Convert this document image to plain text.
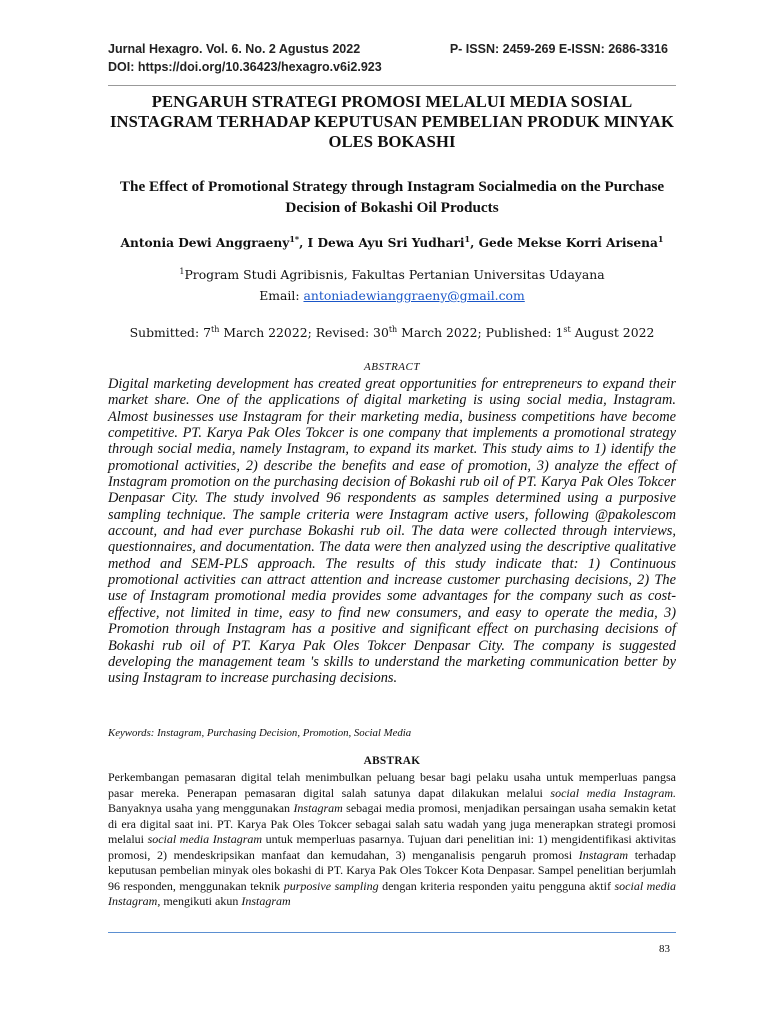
Jurnal Hexagro. Vol. 6. No. 2 Agustus 2022	P- ISSN: 2459-269 E-ISSN: 2686-3316
DOI: https://doi.org/10.36423/hexagro.v6i2.923
PENGARUH STRATEGI PROMOSI MELALUI MEDIA SOSIAL INSTAGRAM TERHADAP KEPUTUSAN PEMBELIAN PRODUK MINYAK OLES BOKASHI
The Effect of Promotional Strategy through Instagram Socialmedia on the Purchase Decision of Bokashi Oil Products
Antonia Dewi Anggraeny$^{1*}$, I Dewa Ayu Sri Yudhari$^1$, Gede Mekse Korri Arisena$^1$
$^1$Program Studi Agribisnis, Fakultas Pertanian Universitas Udayana
Email: antoniadewianggraeny@gmail.com
Submitted: 7th March 22022; Revised: 30th March 2022; Published: 1st August 2022
ABSTRACT
Digital marketing development has created great opportunities for entrepreneurs to expand their market share. One of the applications of digital marketing is using social media, Instagram. Almost businesses use Instagram for their marketing media, business competitions have become competitive. PT. Karya Pak Oles Tokcer is one company that implements a promotional strategy through social media, namely Instagram, to expand its market. This study aims to 1) identify the promotional activities, 2) describe the benefits and ease of promotion, 3) analyze the effect of Instagram promotion on the purchasing decision of Bokashi rub oil of PT. Karya Pak Oles Tokcer Denpasar City. The study involved 96 respondents as samples determined using a purposive sampling technique. The sample criteria were Instagram active users, following @pakolescom account, and had ever purchase Bokashi rub oil. The data were collected through interviews, questionnaires, and documentation. The data were then analyzed using the descriptive qualitative method and SEM-PLS approach. The results of this study indicate that: 1) Continuous promotional activities can attract attention and increase customer purchasing decisions, 2) The use of Instagram promotional media provides some advantages for the company such as cost-effective, not limited in time, easy to find new consumers, and easy to operate the media, 3) Promotion through Instagram has a positive and significant effect on purchasing decisions of Bokashi rub oil of PT. Karya Pak Oles Tokcer Denpasar City. The company is suggested developing the management team 's skills to understand the marketing communication better by using Instagram to increase purchasing decisions.
Keywords: Instagram, Purchasing Decision, Promotion, Social Media
ABSTRAK
Perkembangan pemasaran digital telah menimbulkan peluang besar bagi pelaku usaha untuk memperluas pangsa pasar mereka. Penerapan pemasaran digital salah satunya dapat dilakukan melalui social media Instagram. Banyaknya usaha yang menggunakan Instagram sebagai media promosi, menjadikan persaingan usaha semakin ketat di era digital saat ini. PT. Karya Pak Oles Tokcer sebagai salah satu wadah yang juga menerapkan strategi promosi melalui social media Instagram untuk memperluas pasarnya. Tujuan dari penelitian ini: 1) mengidentifikasi aktivitas promosi, 2) mendeskripsikan manfaat dan kemudahan, 3) menganalisis pengaruh promosi Instagram terhadap keputusan pembelian minyak oles bokashi di PT. Karya Pak Oles Tokcer Kota Denpasar. Sampel penelitian berjumlah 96 responden, menggunakan teknik purposive sampling dengan kriteria responden yaitu pengguna aktif social media Instagram, mengikuti akun Instagram
83
